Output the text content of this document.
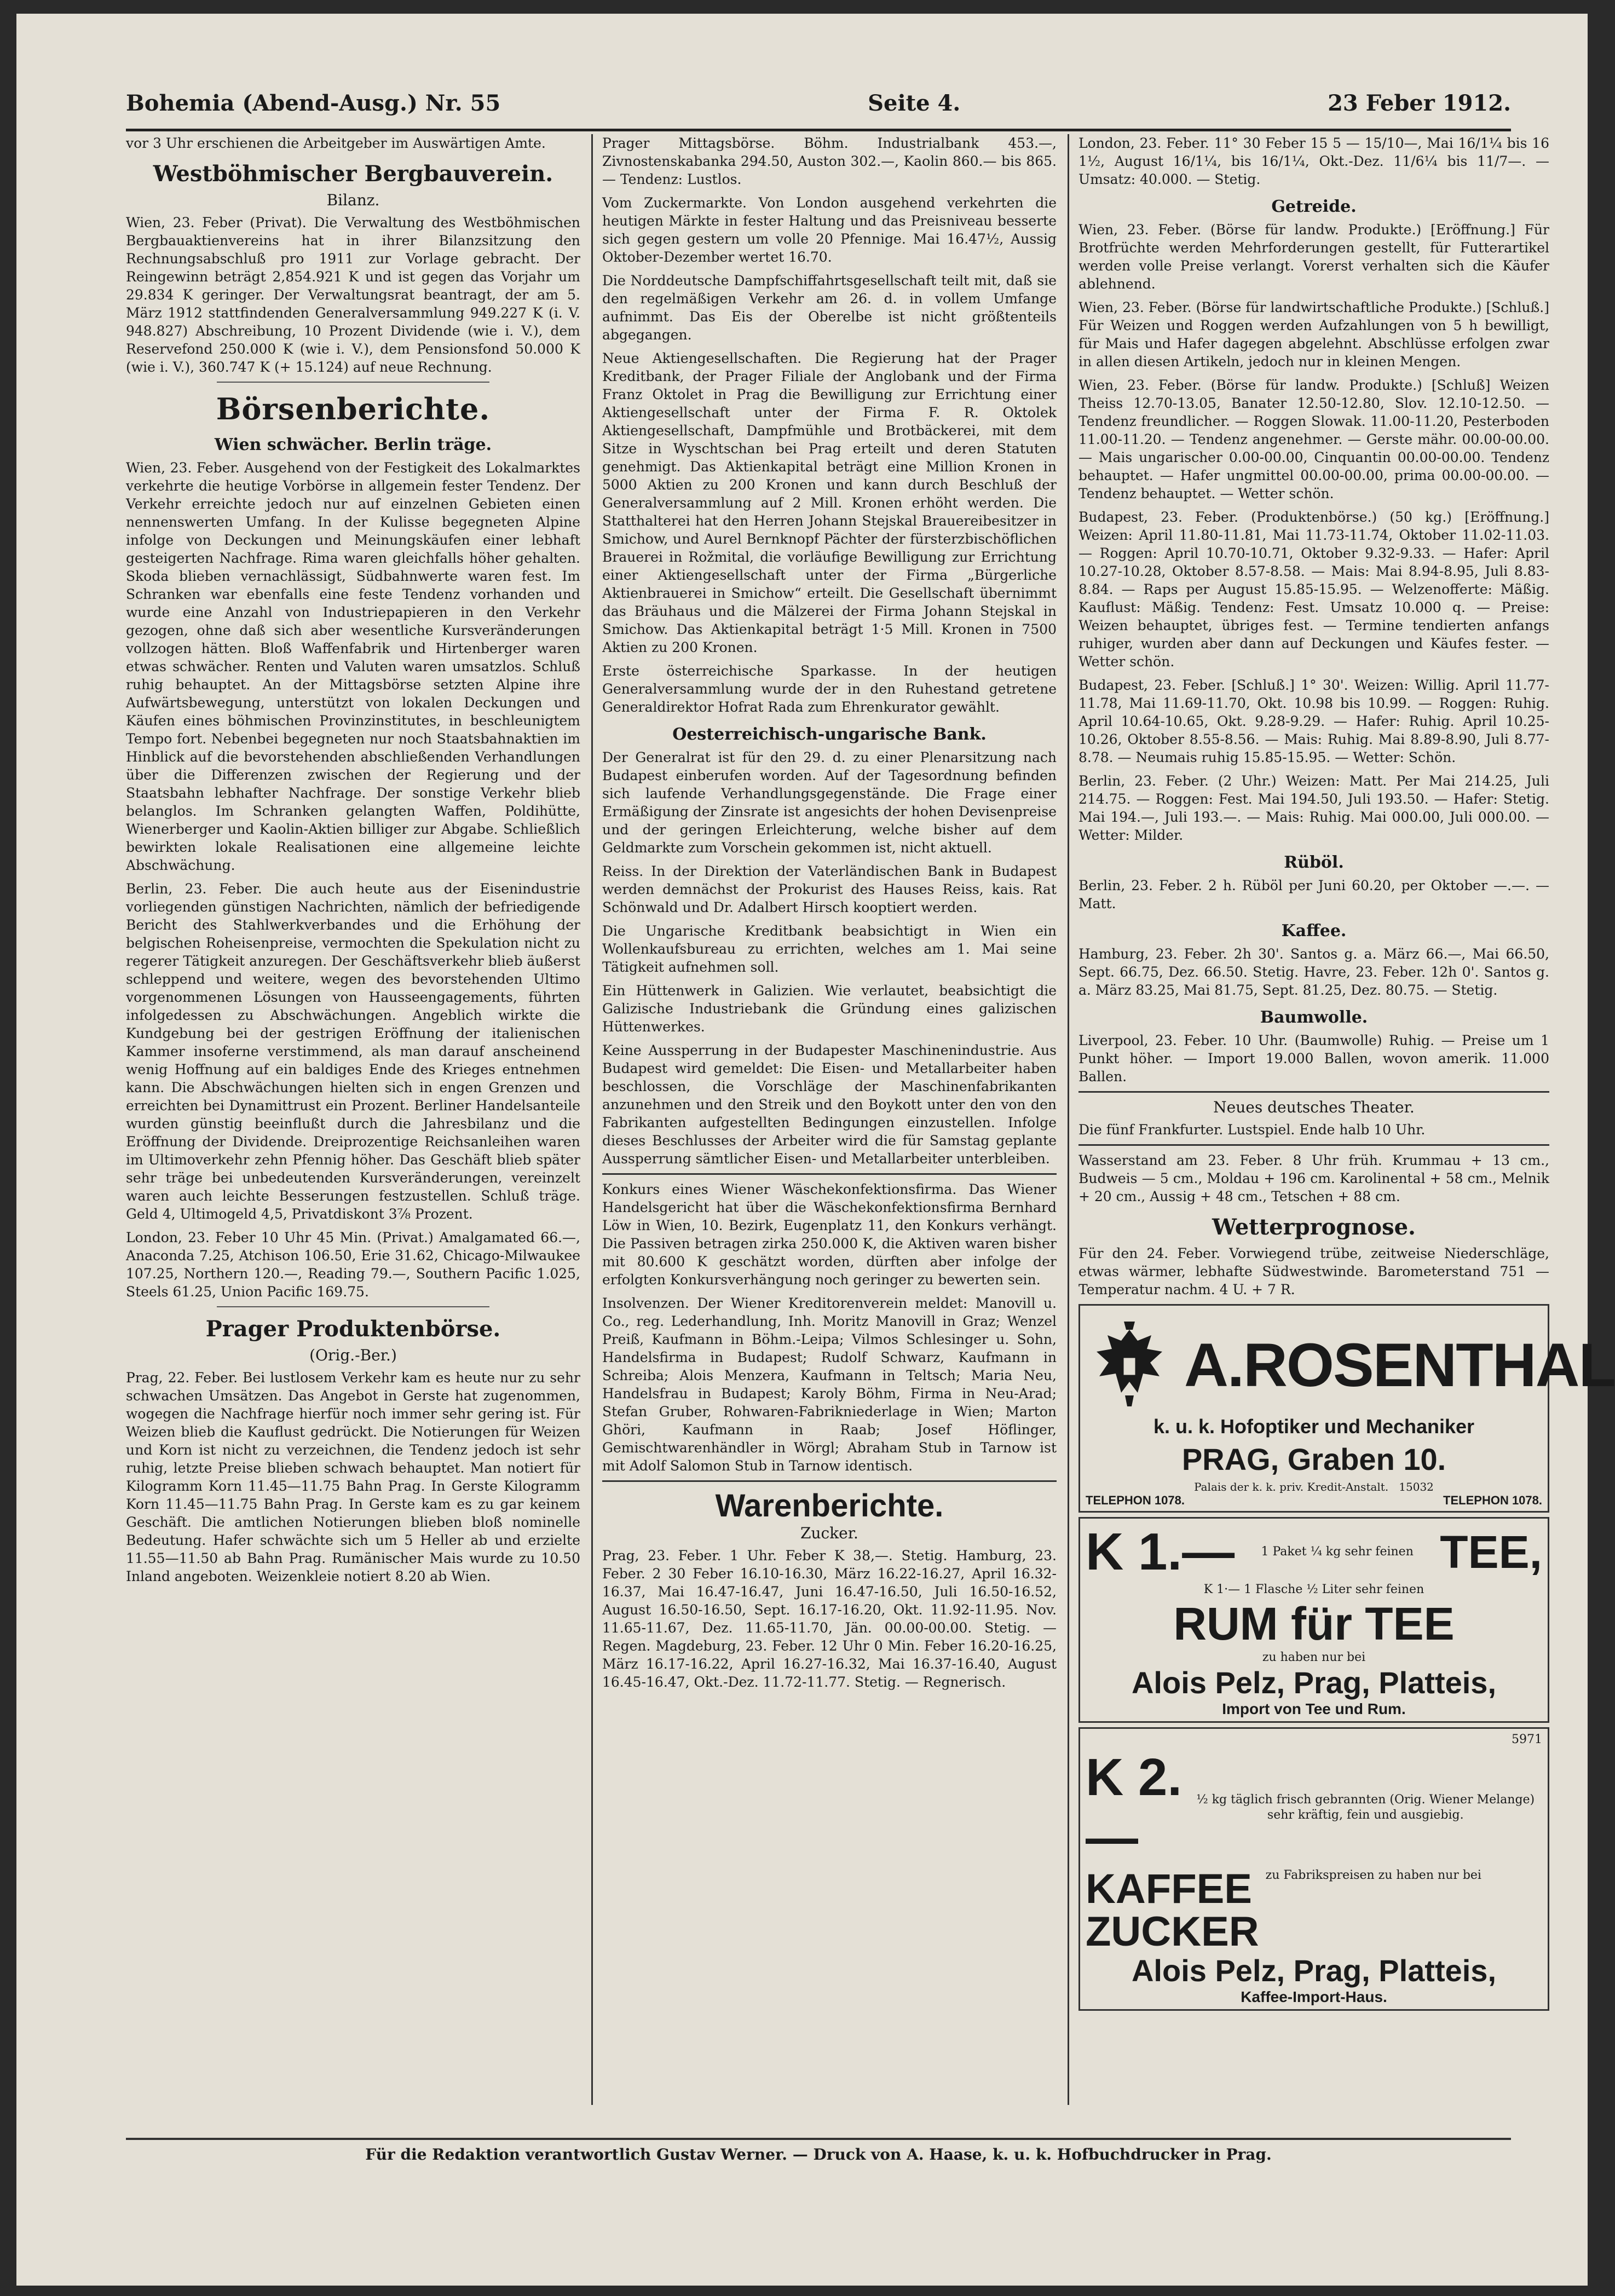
Bohemia (Abend-Ausg.) Nr. 55	Seite 4.	23 Feber 1912.

vor 3 Uhr erschienen die Arbeitgeber im Auswärtigen Amte.

Westböhmischer Bergbauverein.
Bilanz.

Wien, 23. Feber (Privat). Die Verwaltung des Westböhmischen Bergbauaktienvereins hat in ihrer Bilanzsitzung den Rechnungsabschluß pro 1911 zur Vorlage gebracht. Der Reingewinn beträgt 2,854.921 K und ist gegen das Vorjahr um 29.834 K geringer. Der Verwaltungsrat beantragt, der am 5. März 1912 stattfindenden Generalversammlung 949.227 K (i. V. 948.827) Abschreibung, 10 Prozent Dividende (wie i. V.), dem Reservefond 250.000 K (wie i. V.), dem Pensionsfond 50.000 K (wie i. V.), 360.747 K (+ 15.124) auf neue Rechnung.

Börsenberichte.
Wien schwächer. Berlin träge.

Wien, 23. Feber. Ausgehend von der Festigkeit des Lokalmarktes verkehrte die heutige Vorbörse in allgemein fester Tendenz. Der Verkehr erreichte jedoch nur auf einzelnen Gebieten einen nennenswerten Umfang. In der Kulisse begegneten Alpine infolge von Deckungen und Meinungskäufen einer lebhaft gesteigerten Nachfrage. Rima waren gleichfalls höher gehalten. Skoda blieben vernachlässigt, Südbahnwerte waren fest. Im Schranken war ebenfalls eine feste Tendenz vorhanden und wurde eine Anzahl von Industriepapieren in den Verkehr gezogen, ohne daß sich aber wesentliche Kursveränderungen vollzogen hätten. Bloß Waffenfabrik und Hirtenberger waren etwas schwächer. Renten und Valuten waren umsatzlos. Schluß ruhig behauptet. An der Mittagsbörse setzten Alpine ihre Aufwärtsbewegung, unterstützt von lokalen Deckungen und Käufen eines böhmischen Provinzinstitutes, in beschleunigtem Tempo fort. Nebenbei begegneten nur noch Staatsbahnaktien im Hinblick auf die bevorstehenden abschließenden Verhandlungen über die Differenzen zwischen der Regierung und der Staatsbahn lebhafter Nachfrage. Der sonstige Verkehr blieb belanglos. Im Schranken gelangten Waffen, Poldihütte, Wienerberger und Kaolin-Aktien billiger zur Abgabe. Schließlich bewirkten lokale Realisationen eine allgemeine leichte Abschwächung.

Berlin, 23. Feber. Die auch heute aus der Eisenindustrie vorliegenden günstigen Nachrichten, nämlich der befriedigende Bericht des Stahlwerkverbandes und die Erhöhung der belgischen Roheisenpreise, vermochten die Spekulation nicht zu regerer Tätigkeit anzuregen. Der Geschäftsverkehr blieb äußerst schleppend und weitere, wegen des bevorstehenden Ultimo vorgenommenen Lösungen von Hausseengagements, führten infolgedessen zu Abschwächungen. Angeblich wirkte die Kundgebung bei der gestrigen Eröffnung der italienischen Kammer insoferne verstimmend, als man darauf anscheinend wenig Hoffnung auf ein baldiges Ende des Krieges entnehmen kann. Die Abschwächungen hielten sich in engen Grenzen und erreichten bei Dynamittrust ein Prozent. Berliner Handelsanteile wurden günstig beeinflußt durch die Jahresbilanz und die Eröffnung der Dividende. Dreiprozentige Reichsanleihen waren im Ultimoverkehr zehn Pfennig höher. Das Geschäft blieb später sehr träge bei unbedeutenden Kursveränderungen, vereinzelt waren auch leichte Besserungen festzustellen. Schluß träge. Geld 4, Ultimogeld 4,5, Privatdiskont 3⅞ Prozent.

London, 23. Feber 10 Uhr 45 Min. (Privat.) Amalgamated 66.—, Anaconda 7.25, Atchison 106.50, Erie 31.62, Chicago-Milwaukee 107.25, Northern 120.—, Reading 79.—, Southern Pacific 1.025, Steels 61.25, Union Pacific 169.75.

Prager Produktenbörse.
(Orig.-Ber.)

Prag, 22. Feber. Bei lustlosem Verkehr kam es heute nur zu sehr schwachen Umsätzen. Das Angebot in Gerste hat zugenommen, wogegen die Nachfrage hierfür noch immer sehr gering ist. Für Weizen blieb die Kauflust gedrückt. Die Notierungen für Weizen und Korn ist nicht zu verzeichnen, die Tendenz jedoch ist sehr ruhig, letzte Preise blieben schwach behauptet. Man notiert für Kilogramm Korn 11.45—11.75 Bahn Prag. In Gerste Kilogramm Korn 11.45—11.75 Bahn Prag. In Gerste kam es zu gar keinem Geschäft. Die amtlichen Notierungen blieben bloß nominelle Bedeutung. Hafer schwächte sich um 5 Heller ab und erzielte 11.55—11.50 ab Bahn Prag. Rumänischer Mais wurde zu 10.50 Inland angeboten. Weizenkleie notiert 8.20 ab Wien.

Prager Mittagsbörse. Böhm. Industrialbank 453.—, Zivnostenskabanka 294.50, Auston 302.—, Kaolin 860.— bis 865. — Tendenz: Lustlos.

Vom Zuckermarkte. Von London ausgehend verkehrten die heutigen Märkte in fester Haltung und das Preisniveau besserte sich gegen gestern um volle 20 Pfennige. Mai 16.47½, Aussig Oktober-Dezember wertet 16.70.

Die Norddeutsche Dampfschiffahrtsgesellschaft teilt mit, daß sie den regelmäßigen Verkehr am 26. d. in vollem Umfange aufnimmt. Das Eis der Oberelbe ist nicht größtenteils abgegangen.

Neue Aktiengesellschaften. Die Regierung hat der Prager Kreditbank, der Prager Filiale der Anglobank und der Firma Franz Oktolet in Prag die Bewilligung zur Errichtung einer Aktiengesellschaft unter der Firma F. R. Oktolek Aktiengesellschaft, Dampfmühle und Brotbäckerei, mit dem Sitze in Wyschtschan bei Prag erteilt und deren Statuten genehmigt. Das Aktienkapital beträgt eine Million Kronen in 5000 Aktien zu 200 Kronen und kann durch Beschluß der Generalversammlung auf 2 Mill. Kronen erhöht werden. Die Statthalterei hat den Herren Johann Stejskal Brauereibesitzer in Smichow, und Aurel Bernknopf Pächter der fürsterzbischöflichen Brauerei in Rožmital, die vorläufige Bewilligung zur Errichtung einer Aktiengesellschaft unter der Firma „Bürgerliche Aktienbrauerei in Smichow“ erteilt. Die Gesellschaft übernimmt das Bräuhaus und die Mälzerei der Firma Johann Stejskal in Smichow. Das Aktienkapital beträgt 1·5 Mill. Kronen in 7500 Aktien zu 200 Kronen.

Erste österreichische Sparkasse. In der heutigen Generalversammlung wurde der in den Ruhestand getretene Generaldirektor Hofrat Rada zum Ehrenkurator gewählt.

Oesterreichisch-ungarische Bank.

Der Generalrat ist für den 29. d. zu einer Plenarsitzung nach Budapest einberufen worden. Auf der Tagesordnung befinden sich laufende Verhandlungsgegenstände. Die Frage einer Ermäßigung der Zinsrate ist angesichts der hohen Devisenpreise und der geringen Erleichterung, welche bisher auf dem Geldmarkte zum Vorschein gekommen ist, nicht aktuell.

Reiss. In der Direktion der Vaterländischen Bank in Budapest werden demnächst der Prokurist des Hauses Reiss, kais. Rat Schönwald und Dr. Adalbert Hirsch kooptiert werden.

Die Ungarische Kreditbank beabsichtigt in Wien ein Wollenkaufsbureau zu errichten, welches am 1. Mai seine Tätigkeit aufnehmen soll.

Ein Hüttenwerk in Galizien. Wie verlautet, beabsichtigt die Galizische Industriebank die Gründung eines galizischen Hüttenwerkes.

Keine Aussperrung in der Budapester Maschinenindustrie. Aus Budapest wird gemeldet: Die Eisen- und Metallarbeiter haben beschlossen, die Vorschläge der Maschinenfabrikanten anzunehmen und den Streik und den Boykott unter den von den Fabrikanten aufgestellten Bedingungen einzustellen. Infolge dieses Beschlusses der Arbeiter wird die für Samstag geplante Aussperrung sämtlicher Eisen- und Metallarbeiter unterbleiben.

Konkurs eines Wiener Wäschekonfektionsfirma. Das Wiener Handelsgericht hat über die Wäschekonfektionsfirma Bernhard Löw in Wien, 10. Bezirk, Eugenplatz 11, den Konkurs verhängt. Die Passiven betragen zirka 250.000 K, die Aktiven waren bisher mit 80.600 K geschätzt worden, dürften aber infolge der erfolgten Konkursverhängung noch geringer zu bewerten sein.

Insolvenzen. Der Wiener Kreditorenverein meldet: Manovill u. Co., reg. Lederhandlung, Inh. Moritz Manovill in Graz; Wenzel Preiß, Kaufmann in Böhm.-Leipa; Vilmos Schlesinger u. Sohn, Handelsfirma in Budapest; Rudolf Schwarz, Kaufmann in Schreiba; Alois Menzera, Kaufmann in Teltsch; Maria Neu, Handelsfrau in Budapest; Karoly Böhm, Firma in Neu-Arad; Stefan Gruber, Rohwaren-Fabrikniederlage in Wien; Marton Ghöri, Kaufmann in Raab; Josef Höflinger, Gemischtwarenhändler in Wörgl; Abraham Stub in Tarnow ist mit Adolf Salomon Stub in Tarnow identisch.

Warenberichte.
Zucker.

Prag, 23. Feber. 1 Uhr. Feber K 38,—. Stetig. Hamburg, 23. Feber. 2 30 Feber 16.10-16.30, März 16.22-16.27, April 16.32-16.37, Mai 16.47-16.47, Juni 16.47-16.50, Juli 16.50-16.52, August 16.50-16.50, Sept. 16.17-16.20, Okt. 11.92-11.95. Nov. 11.65-11.67, Dez. 11.65-11.70, Jän. 00.00-00.00. Stetig. — Regen. Magdeburg, 23. Feber. 12 Uhr 0 Min. Feber 16.20-16.25, März 16.17-16.22, April 16.27-16.32, Mai 16.37-16.40, August 16.45-16.47, Okt.-Dez. 11.72-11.77. Stetig. — Regnerisch.

London, 23. Feber. 11° 30 Feber 15 5 — 15/10—, Mai 16/1¼ bis 16 1½, August 16/1¼, bis 16/1¼, Okt.-Dez. 11/6¼ bis 11/7—. — Umsatz: 40.000. — Stetig.

Getreide.

Wien, 23. Feber. (Börse für landw. Produkte.) [Eröffnung.] Für Brotfrüchte werden Mehrforderungen gestellt, für Futterartikel werden volle Preise verlangt. Vorerst verhalten sich die Käufer ablehnend.

Wien, 23. Feber. (Börse für landwirtschaftliche Produkte.) [Schluß.] Für Weizen und Roggen werden Aufzahlungen von 5 h bewilligt, für Mais und Hafer dagegen abgelehnt. Abschlüsse erfolgen zwar in allen diesen Artikeln, jedoch nur in kleinen Mengen.

Wien, 23. Feber. (Börse für landw. Produkte.) [Schluß] Weizen Theiss 12.70-13.05, Banater 12.50-12.80, Slov. 12.10-12.50. — Tendenz freundlicher. — Roggen Slowak. 11.00-11.20, Pesterboden 11.00-11.20. — Tendenz angenehmer. — Gerste mähr. 00.00-00.00. — Mais ungarischer 0.00-00.00, Cinquantin 00.00-00.00. Tendenz behauptet. — Hafer ungmittel 00.00-00.00, prima 00.00-00.00. — Tendenz behauptet. — Wetter schön.

Budapest, 23. Feber. (Produktenbörse.) (50 kg.) [Eröffnung.] Weizen: April 11.80-11.81, Mai 11.73-11.74, Oktober 11.02-11.03. — Roggen: April 10.70-10.71, Oktober 9.32-9.33. — Hafer: April 10.27-10.28, Oktober 8.57-8.58. — Mais: Mai 8.94-8.95, Juli 8.83-8.84. — Raps per August 15.85-15.95. — Welzenofferte: Mäßig. Kauflust: Mäßig. Tendenz: Fest. Umsatz 10.000 q. — Preise: Weizen behauptet, übriges fest. — Termine tendierten anfangs ruhiger, wurden aber dann auf Deckungen und Käufes fester. — Wetter schön.

Budapest, 23. Feber. [Schluß.] 1° 30'. Weizen: Willig. April 11.77-11.78, Mai 11.69-11.70, Okt. 10.98 bis 10.99. — Roggen: Ruhig. April 10.64-10.65, Okt. 9.28-9.29. — Hafer: Ruhig. April 10.25-10.26, Oktober 8.55-8.56. — Mais: Ruhig. Mai 8.89-8.90, Juli 8.77-8.78. — Neumais ruhig 15.85-15.95. — Wetter: Schön.

Berlin, 23. Feber. (2 Uhr.) Weizen: Matt. Per Mai 214.25, Juli 214.75. — Roggen: Fest. Mai 194.50, Juli 193.50. — Hafer: Stetig. Mai 194.—, Juli 193.—. — Mais: Ruhig. Mai 000.00, Juli 000.00. — Wetter: Milder.

Rüböl.

Berlin, 23. Feber. 2 h. Rüböl per Juni 60.20, per Oktober —.—. — Matt.

Kaffee.

Hamburg, 23. Feber. 2h 30'. Santos g. a. März 66.—, Mai 66.50, Sept. 66.75, Dez. 66.50. Stetig. Havre, 23. Feber. 12h 0'. Santos g. a. März 83.25, Mai 81.75, Sept. 81.25, Dez. 80.75. — Stetig.

Baumwolle.

Liverpool, 23. Feber. 10 Uhr. (Baumwolle) Ruhig. — Preise um 1 Punkt höher. — Import 19.000 Ballen, wovon amerik. 11.000 Ballen.

Neues deutsches Theater.

Die fünf Frankfurter. Lustspiel. Ende halb 10 Uhr.

Wasserstand am 23. Feber. 8 Uhr früh. Krummau + 13 cm., Budweis — 5 cm., Moldau + 196 cm. Karolinental + 58 cm., Melnik + 20 cm., Aussig + 48 cm., Tetschen + 88 cm.

Wetterprognose.

Für den 24. Feber. Vorwiegend trübe, zeitweise Niederschläge, etwas wärmer, lebhafte Südwestwinde. Barometerstand 751 — Temperatur nachm. 4 U. + 7 R.

A.ROSENTHAL
k. u. k. Hofoptiker und Mechaniker
PRAG, Graben 10.
Palais der k. k. priv. Kredit-Anstalt. 15032
TELEPHON 1078.	TELEPHON 1078.
K 1.— 1 Paket ¼ kg sehr feinen TEE,
K 1·— 1 Flasche ½ Liter sehr feinen
RUM für TEE
zu haben nur bei
Alois Pelz, Prag, Platteis,
Import von Tee und Rum.
5971
K 2.—
½ kg täglich frisch gebrannten (Orig. Wiener Melange) sehr kräftig, fein und ausgiebig.
KAFFEE
ZUCKER
zu Fabrikspreisen zu haben nur bei
Alois Pelz, Prag, Platteis,
Kaffee-Import-Haus.
Für die Redaktion verantwortlich Gustav Werner. — Druck von A. Haase, k. u. k. Hofbuchdrucker in Prag.
